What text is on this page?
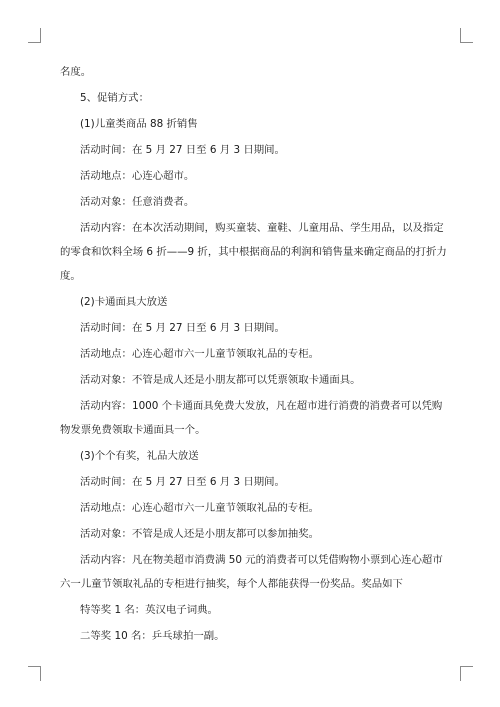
名度。
5、促销方式：
(1)儿童类商品 88 折销售
活动时间：在 5 月 27 日至 6 月 3 日期间。
活动地点：心连心超市。
活动对象：任意消费者。
活动内容：在本次活动期间，购买童装、童鞋、儿童用品、学生用品，以及指定
的零食和饮料全场 6 折——9 折，其中根据商品的利润和销售量来确定商品的打折力
度。
(2)卡通面具大放送
活动时间：在 5 月 27 日至 6 月 3 日期间。
活动地点：心连心超市六一儿童节领取礼品的专柜。
活动对象：不管是成人还是小朋友都可以凭票领取卡通面具。
活动内容：1000 个卡通面具免费大发放，凡在超市进行消费的消费者可以凭购
物发票免费领取卡通面具一个。
(3)个个有奖，礼品大放送
活动时间：在 5 月 27 日至 6 月 3 日期间。
活动地点：心连心超市六一儿童节领取礼品的专柜。
活动对象：不管是成人还是小朋友都可以参加抽奖。
活动内容：凡在物美超市消费满 50 元的消费者可以凭借购物小票到心连心超市
六一儿童节领取礼品的专柜进行抽奖，每个人都能获得一份奖品。奖品如下
特等奖 1 名：英汉电子词典。
二等奖 10 名：乒乓球拍一副。
